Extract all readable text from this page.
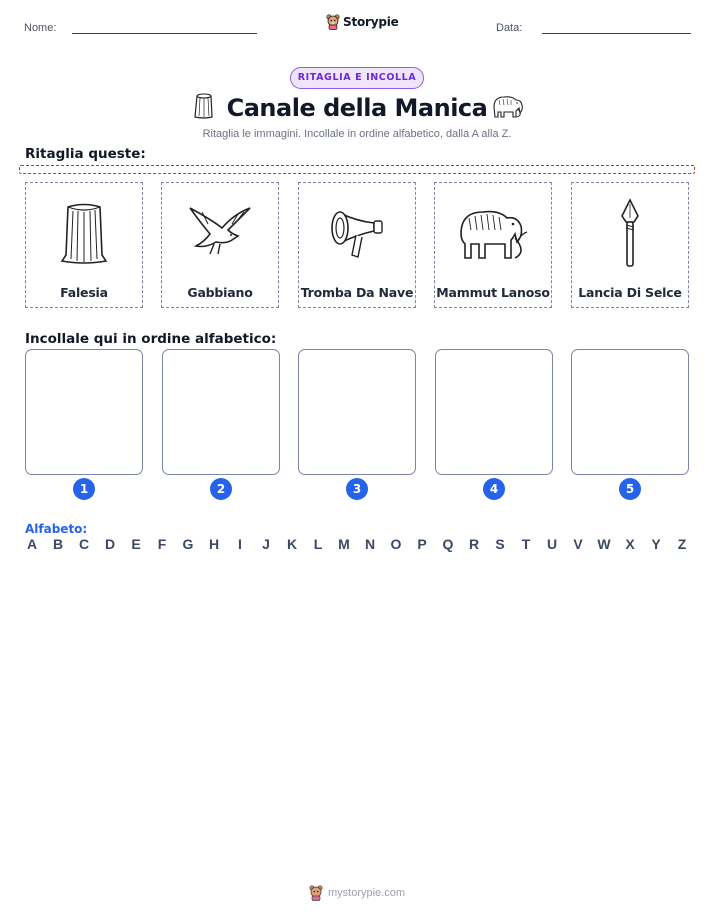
Nome:	Storypie	Data:
RITAGLIA E INCOLLA
Canale della Manica
Ritaglia le immagini. Incollale in ordine alfabetico, dalla A alla Z.
Ritaglia queste:
Falesia	Gabbiano	Tromba Da Nave Mammut Lanoso	Lancia Di Selce
Incollale qui in ordine alfabetico:
1	2	3	4	5
Alfabeto:
A B C D E F G H	I	J K L M N O P Q R S T U V W X Y Z
mystorypie.com
